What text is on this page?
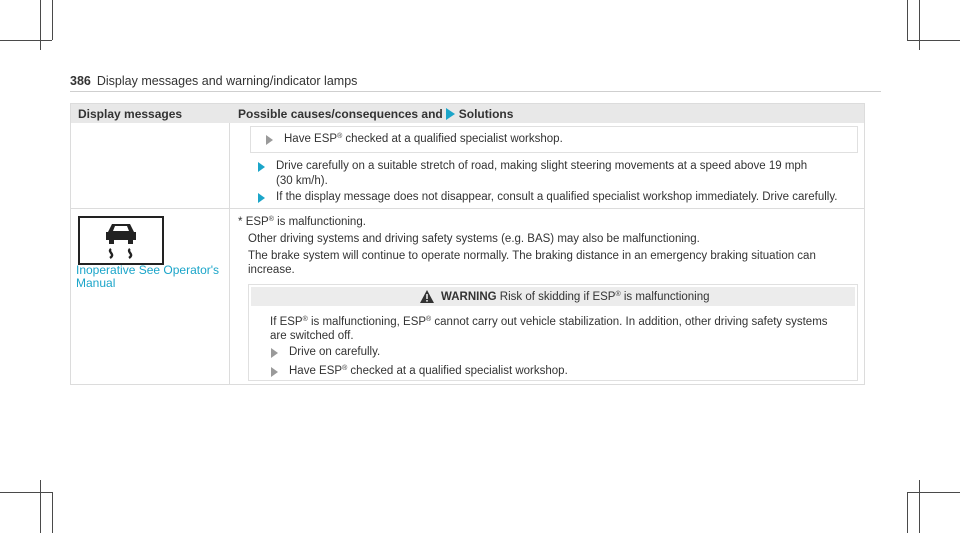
386 Display messages and warning/indicator lamps
Display messages	Possible causes/consequences and Solutions
Have ESP® checked at a qualified specialist workshop.
Drive carefully on a suitable stretch of road, making slight steering movements at a speed above 19 mph
(30 km/h).
If the display message does not disappear, consult a qualified specialist workshop immediately. Drive carefully.
Inoperative See Operator's
Manual
* ESP® is malfunctioning.
Other driving systems and driving safety systems (e.g. BAS) may also be malfunctioning.
The brake system will continue to operate normally. The braking distance in an emergency braking situation can
increase.
WARNING Risk of skidding if ESP® is malfunctioning
If ESP® is malfunctioning, ESP® cannot carry out vehicle stabilization. In addition, other driving safety systems
are switched off.
Drive on carefully.
Have ESP® checked at a qualified specialist workshop.
